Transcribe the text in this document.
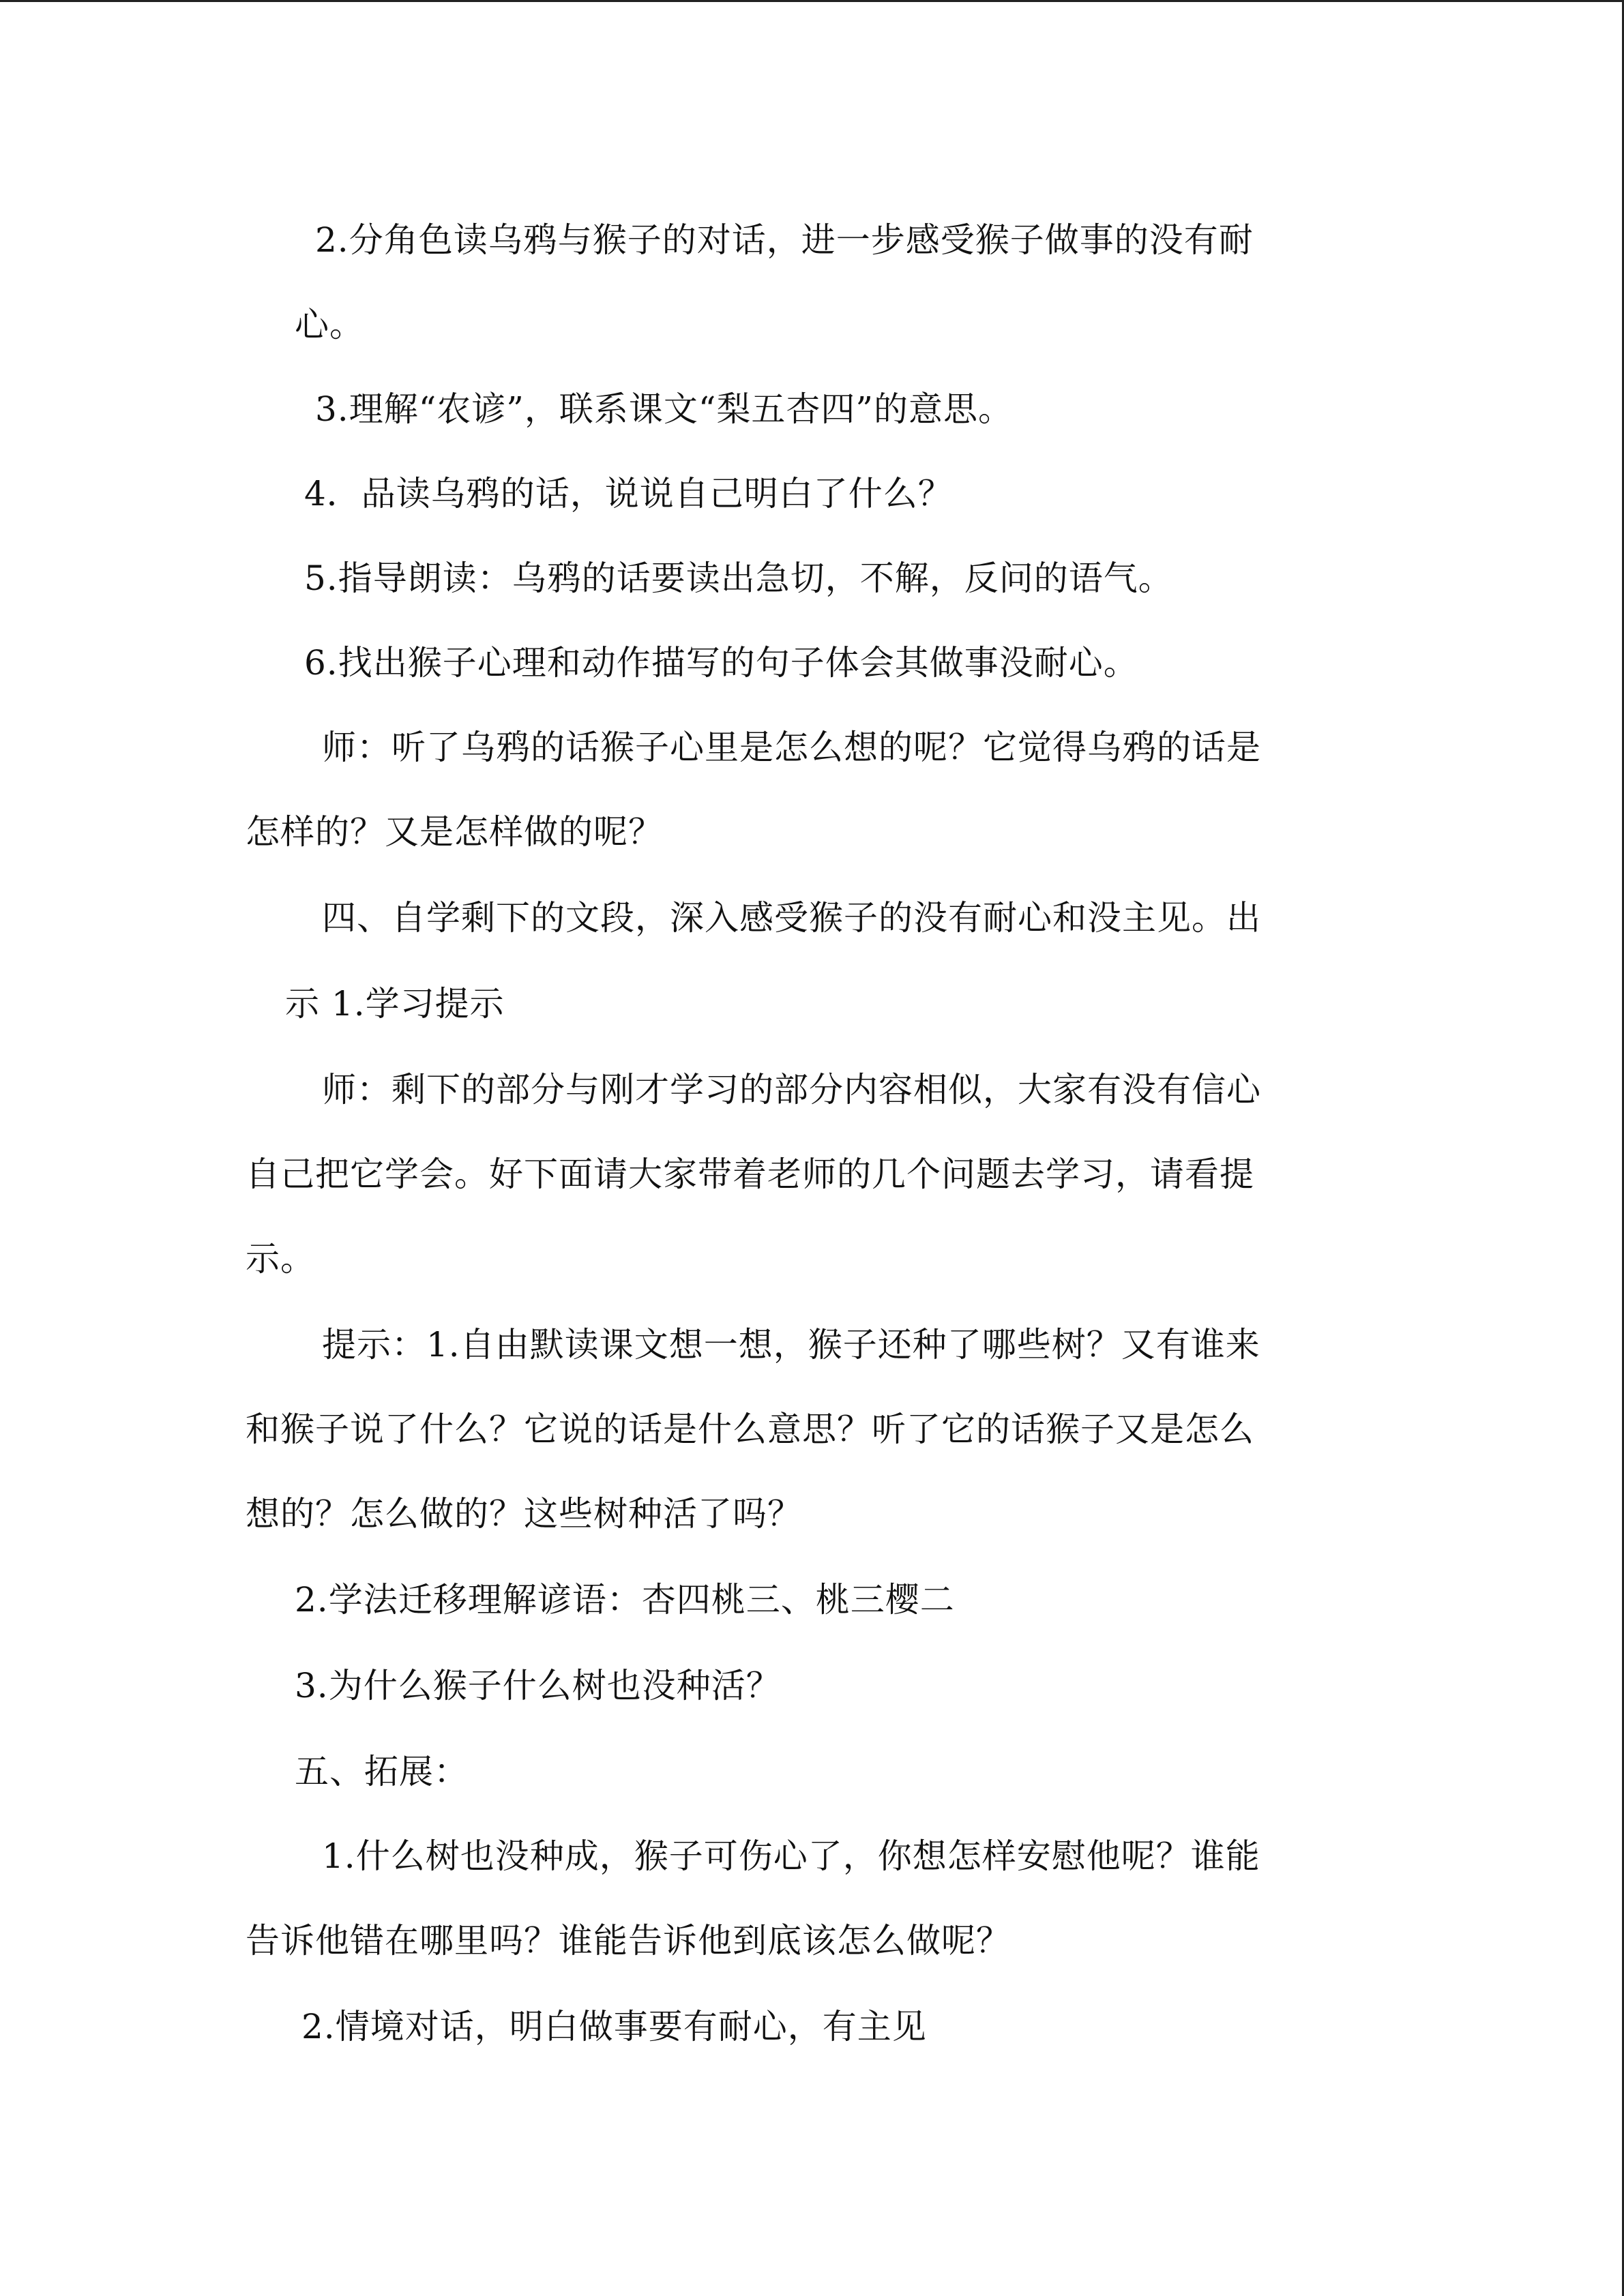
2.分角色读乌鸦与猴子的对话，进一步感受猴子做事的没有耐
心。
3.理解“农谚”，联系课文“梨五杏四”的意思。
4．品读乌鸦的话，说说自己明白了什么？
5.指导朗读：乌鸦的话要读出急切，不解，反问的语气。
6.找出猴子心理和动作描写的句子体会其做事没耐心。
师：听了乌鸦的话猴子心里是怎么想的呢？它觉得乌鸦的话是
怎样的？又是怎样做的呢？
四、自学剩下的文段，深入感受猴子的没有耐心和没主见。出
示 1.学习提示
师：剩下的部分与刚才学习的部分内容相似，大家有没有信心
自己把它学会。好下面请大家带着老师的几个问题去学习，请看提
示。
提示：1.自由默读课文想一想，猴子还种了哪些树？又有谁来
和猴子说了什么？它说的话是什么意思？听了它的话猴子又是怎么
想的？怎么做的？这些树种活了吗？
2.学法迁移理解谚语：杏四桃三、桃三樱二
3.为什么猴子什么树也没种活？
五、拓展：
1.什么树也没种成，猴子可伤心了，你想怎样安慰他呢？谁能
告诉他错在哪里吗？谁能告诉他到底该怎么做呢？
2.情境对话，明白做事要有耐心，有主见
